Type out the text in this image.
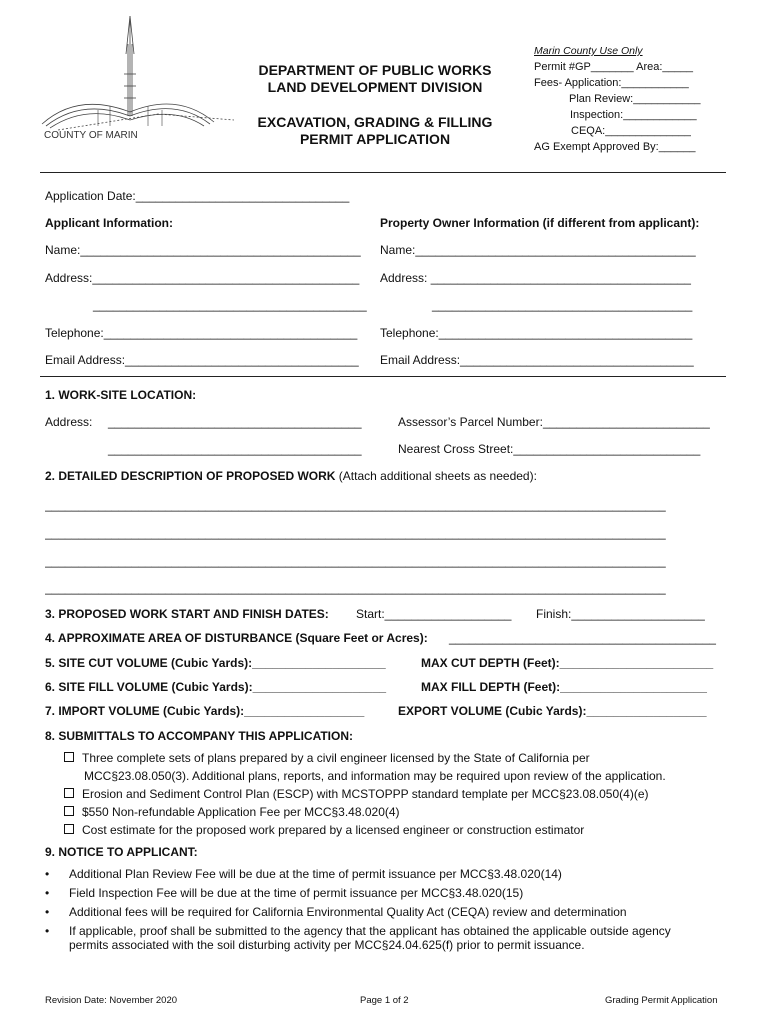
COUNTY OF MARIN
DEPARTMENT OF PUBLIC WORKS
LAND DEVELOPMENT DIVISION
EXCAVATION, GRADING & FILLING
PERMIT APPLICATION
Marin County Use Only
Permit #GP_______ Area:_____
Fees- Application:___________
Plan Review:___________
Inspection:____________
CEQA:______________
AG Exempt Approved By:______
Application Date:________________________________
Applicant Information:
Name:__________________________________________
Address:________________________________________
_________________________________________
Telephone:______________________________________
Email Address:___________________________________
Property Owner Information (if different from applicant):
Name:__________________________________________
Address: _______________________________________
_______________________________________
Telephone:______________________________________
Email Address:___________________________________
1. WORK-SITE LOCATION:
Address: ______________________________________
______________________________________
Assessor’s Parcel Number:_________________________
Nearest Cross Street:____________________________
2. DETAILED DESCRIPTION OF PROPOSED WORK (Attach additional sheets as needed):
_____________________________________________________________________________________________
_____________________________________________________________________________________________
_____________________________________________________________________________________________
_____________________________________________________________________________________________
3. PROPOSED WORK START AND FINISH DATES: Start:___________________ Finish:____________________
4. APPROXIMATE AREA OF DISTURBANCE (Square Feet or Acres): ________________________________________
5. SITE CUT VOLUME (Cubic Yards):____________________	MAX CUT DEPTH (Feet):_______________________
6. SITE FILL VOLUME (Cubic Yards):____________________	MAX FILL DEPTH (Feet):______________________
7. IMPORT VOLUME (Cubic Yards):__________________	EXPORT VOLUME (Cubic Yards):__________________
8. SUBMITTALS TO ACCOMPANY THIS APPLICATION:
Three complete sets of plans prepared by a civil engineer licensed by the State of California per
MCC§23.08.050(3). Additional plans, reports, and information may be required upon review of the application.
Erosion and Sediment Control Plan (ESCP) with MCSTOPPP standard template per MCC§23.08.050(4)(e)
$550 Non-refundable Application Fee per MCC§3.48.020(4)
Cost estimate for the proposed work prepared by a licensed engineer or construction estimator
9. NOTICE TO APPLICANT:
• Additional Plan Review Fee will be due at the time of permit issuance per MCC§3.48.020(14)
• Field Inspection Fee will be due at the time of permit issuance per MCC§3.48.020(15)
• Additional fees will be required for California Environmental Quality Act (CEQA) review and determination
• If applicable, proof shall be submitted to the agency that the applicant has obtained the applicable outside agency
permits associated with the soil disturbing activity per MCC§24.04.625(f) prior to permit issuance.
Revision Date: November 2020	Page 1 of 2	Grading Permit Application
